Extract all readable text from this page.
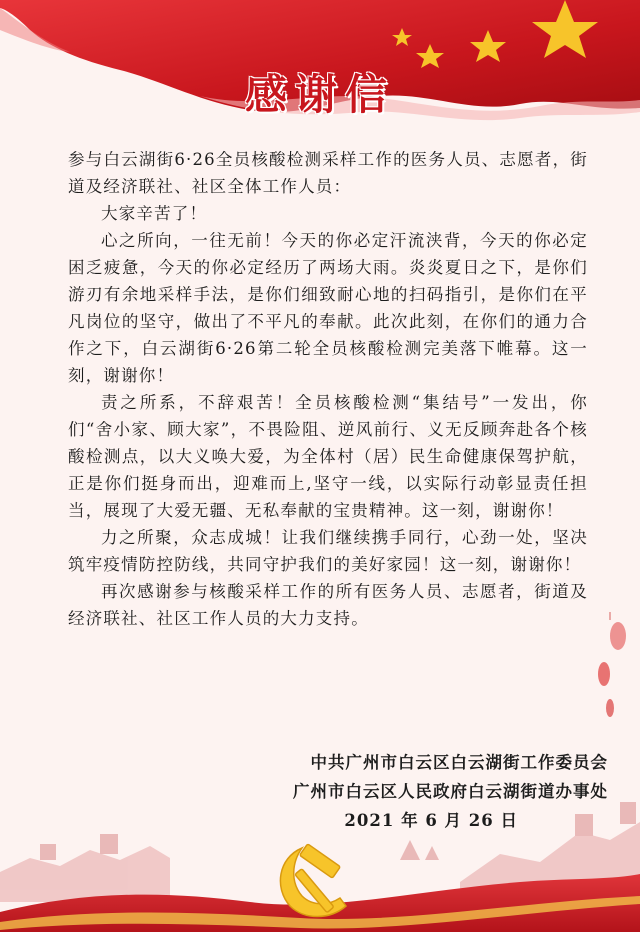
感谢信

参与白云湖街6·26全员核酸检测采样工作的医务人员、志愿者，街道及经济联社、社区全体工作人员：

大家辛苦了！

心之所向，一往无前！今天的你必定汗流浃背，今天的你必定困乏疲惫，今天的你必定经历了两场大雨。炎炎夏日之下，是你们游刃有余地采样手法，是你们细致耐心地的扫码指引，是你们在平凡岗位的坚守，做出了不平凡的奉献。此次此刻，在你们的通力合作之下，白云湖街6·26第二轮全员核酸检测完美落下帷幕。这一刻，谢谢你！

责之所系，不辞艰苦！全员核酸检测“集结号”一发出，你们“舍小家、顾大家”，不畏险阻、逆风前行、义无反顾奔赴各个核酸检测点，以大义唤大爱，为全体村（居）民生命健康保驾护航，正是你们挺身而出，迎难而上,坚守一线，以实际行动彰显责任担当，展现了大爱无疆、无私奉献的宝贵精神。这一刻，谢谢你！

力之所聚，众志成城！让我们继续携手同行，心劲一处，坚决筑牢疫情防控防线，共同守护我们的美好家园！这一刻，谢谢你！

再次感谢参与核酸采样工作的所有医务人员、志愿者，街道及经济联社、社区工作人员的大力支持。

中共广州市白云区白云湖街工作委员会
广州市白云区人民政府白云湖街道办事处
2021 年 6 月 26 日
